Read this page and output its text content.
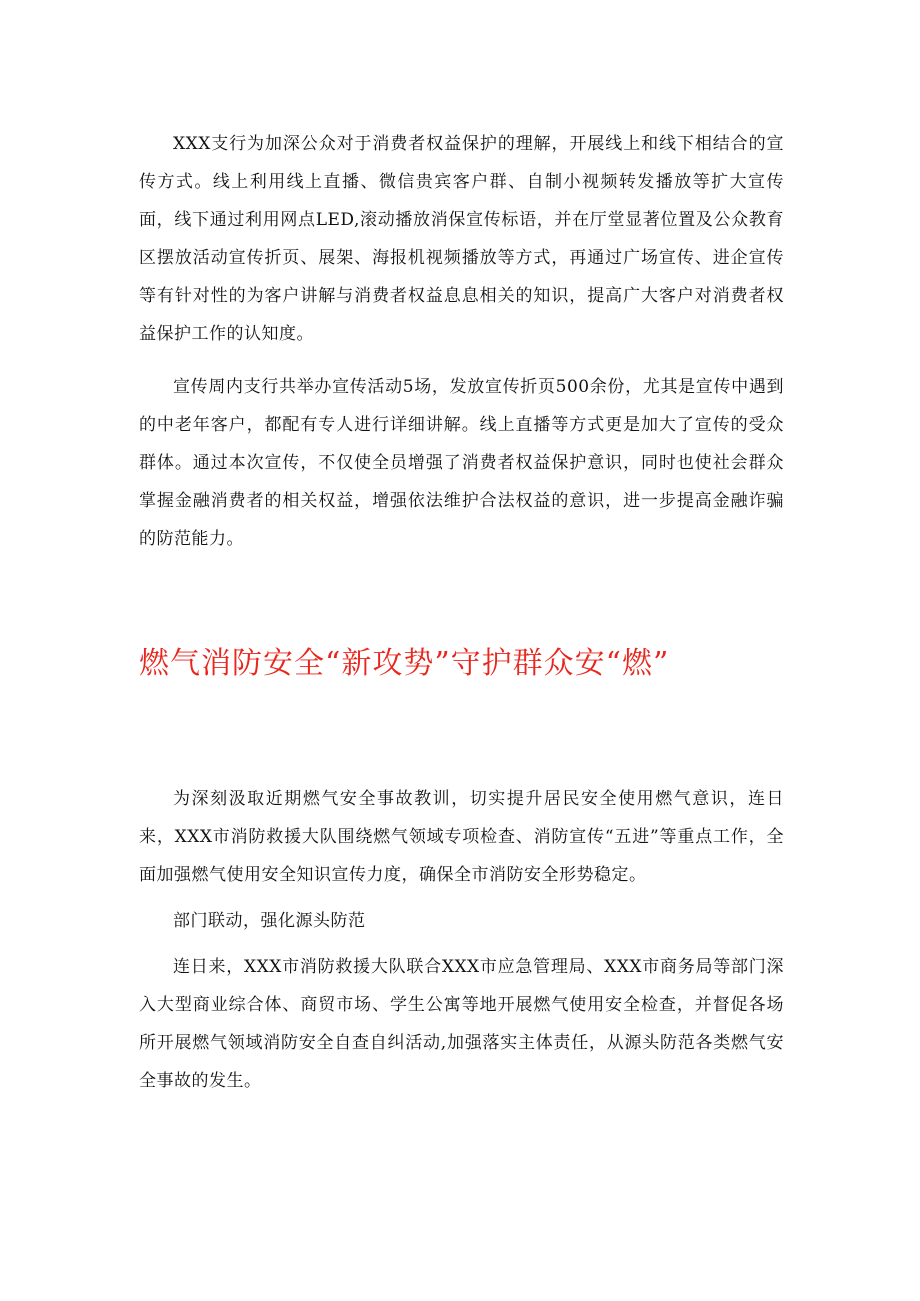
XXX支行为加深公众对于消费者权益保护的理解，开展线上和线下相结合的宣传方式。线上利用线上直播、微信贵宾客户群、自制小视频转发播放等扩大宣传面，线下通过利用网点LED,滚动播放消保宣传标语，并在厅堂显著位置及公众教育区摆放活动宣传折页、展架、海报机视频播放等方式，再通过广场宣传、进企宣传等有针对性的为客户讲解与消费者权益息息相关的知识，提高广大客户对消费者权益保护工作的认知度。

宣传周内支行共举办宣传活动5场，发放宣传折页500余份，尤其是宣传中遇到的中老年客户，都配有专人进行详细讲解。线上直播等方式更是加大了宣传的受众群体。通过本次宣传，不仅使全员增强了消费者权益保护意识，同时也使社会群众掌握金融消费者的相关权益，增强依法维护合法权益的意识，进一步提高金融诈骗的防范能力。

燃气消防安全“新攻势”守护群众安“燃”

为深刻汲取近期燃气安全事故教训，切实提升居民安全使用燃气意识，连日来，XXX市消防救援大队围绕燃气领域专项检查、消防宣传“五进”等重点工作，全面加强燃气使用安全知识宣传力度，确保全市消防安全形势稳定。

部门联动，强化源头防范

连日来，XXX市消防救援大队联合XXX市应急管理局、XXX市商务局等部门深入大型商业综合体、商贸市场、学生公寓等地开展燃气使用安全检查，并督促各场所开展燃气领域消防安全自查自纠活动,加强落实主体责任，从源头防范各类燃气安全事故的发生。
